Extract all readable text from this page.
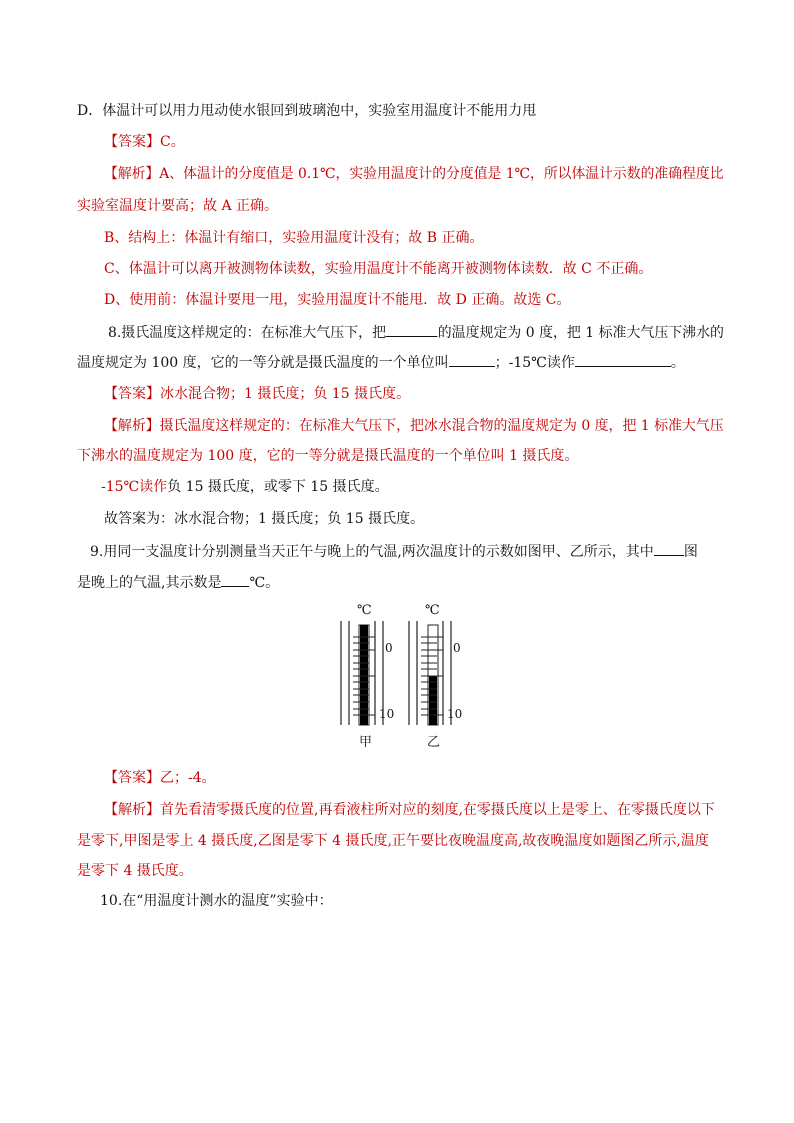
D．体温计可以用力甩动使水银回到玻璃泡中，实验室用温度计不能用力甩
【答案】C。
【解析】A、体温计的分度值是 0.1℃，实验用温度计的分度值是 1℃，所以体温计示数的准确程度比
实验室温度计要高；故 A 正确。
B、结构上：体温计有缩口，实验用温度计没有；故 B 正确。
C、体温计可以离开被测物体读数，实验用温度计不能离开被测物体读数．故 C 不正确。
D、使用前：体温计要甩一甩，实验用温度计不能甩．故 D 正确。故选 C。
8.摄氏温度这样规定的：在标准大气压下，把	的温度规定为 0 度，把 1 标准大气压下沸水的
温度规定为 100 度，它的一等分就是摄氏温度的一个单位叫	；-15℃读作	。
【答案】冰水混合物；1 摄氏度；负 15 摄氏度。
【解析】摄氏温度这样规定的：在标准大气压下，把冰水混合物的温度规定为 0 度，把 1 标准大气压
下沸水的温度规定为 100 度，它的一等分就是摄氏温度的一个单位叫 1 摄氏度。
-15℃读作负 15 摄氏度，或零下 15 摄氏度。
故答案为：冰水混合物；1 摄氏度；负 15 摄氏度。
9.用同一支温度计分别测量当天正午与晚上的气温,两次温度计的示数如图甲、乙所示，其中 图
是晚上的气温,其示数是 ℃。
℃	℃
0
10
0
10
甲	乙
【答案】乙；-4。
【解析】首先看清零摄氏度的位置,再看液柱所对应的刻度,在零摄氏度以上是零上、在零摄氏度以下
是零下,甲图是零上 4 摄氏度,乙图是零下 4 摄氏度,正午要比夜晚温度高,故夜晚温度如题图乙所示,温度
是零下 4 摄氏度。
10.在“用温度计测水的温度”实验中：
